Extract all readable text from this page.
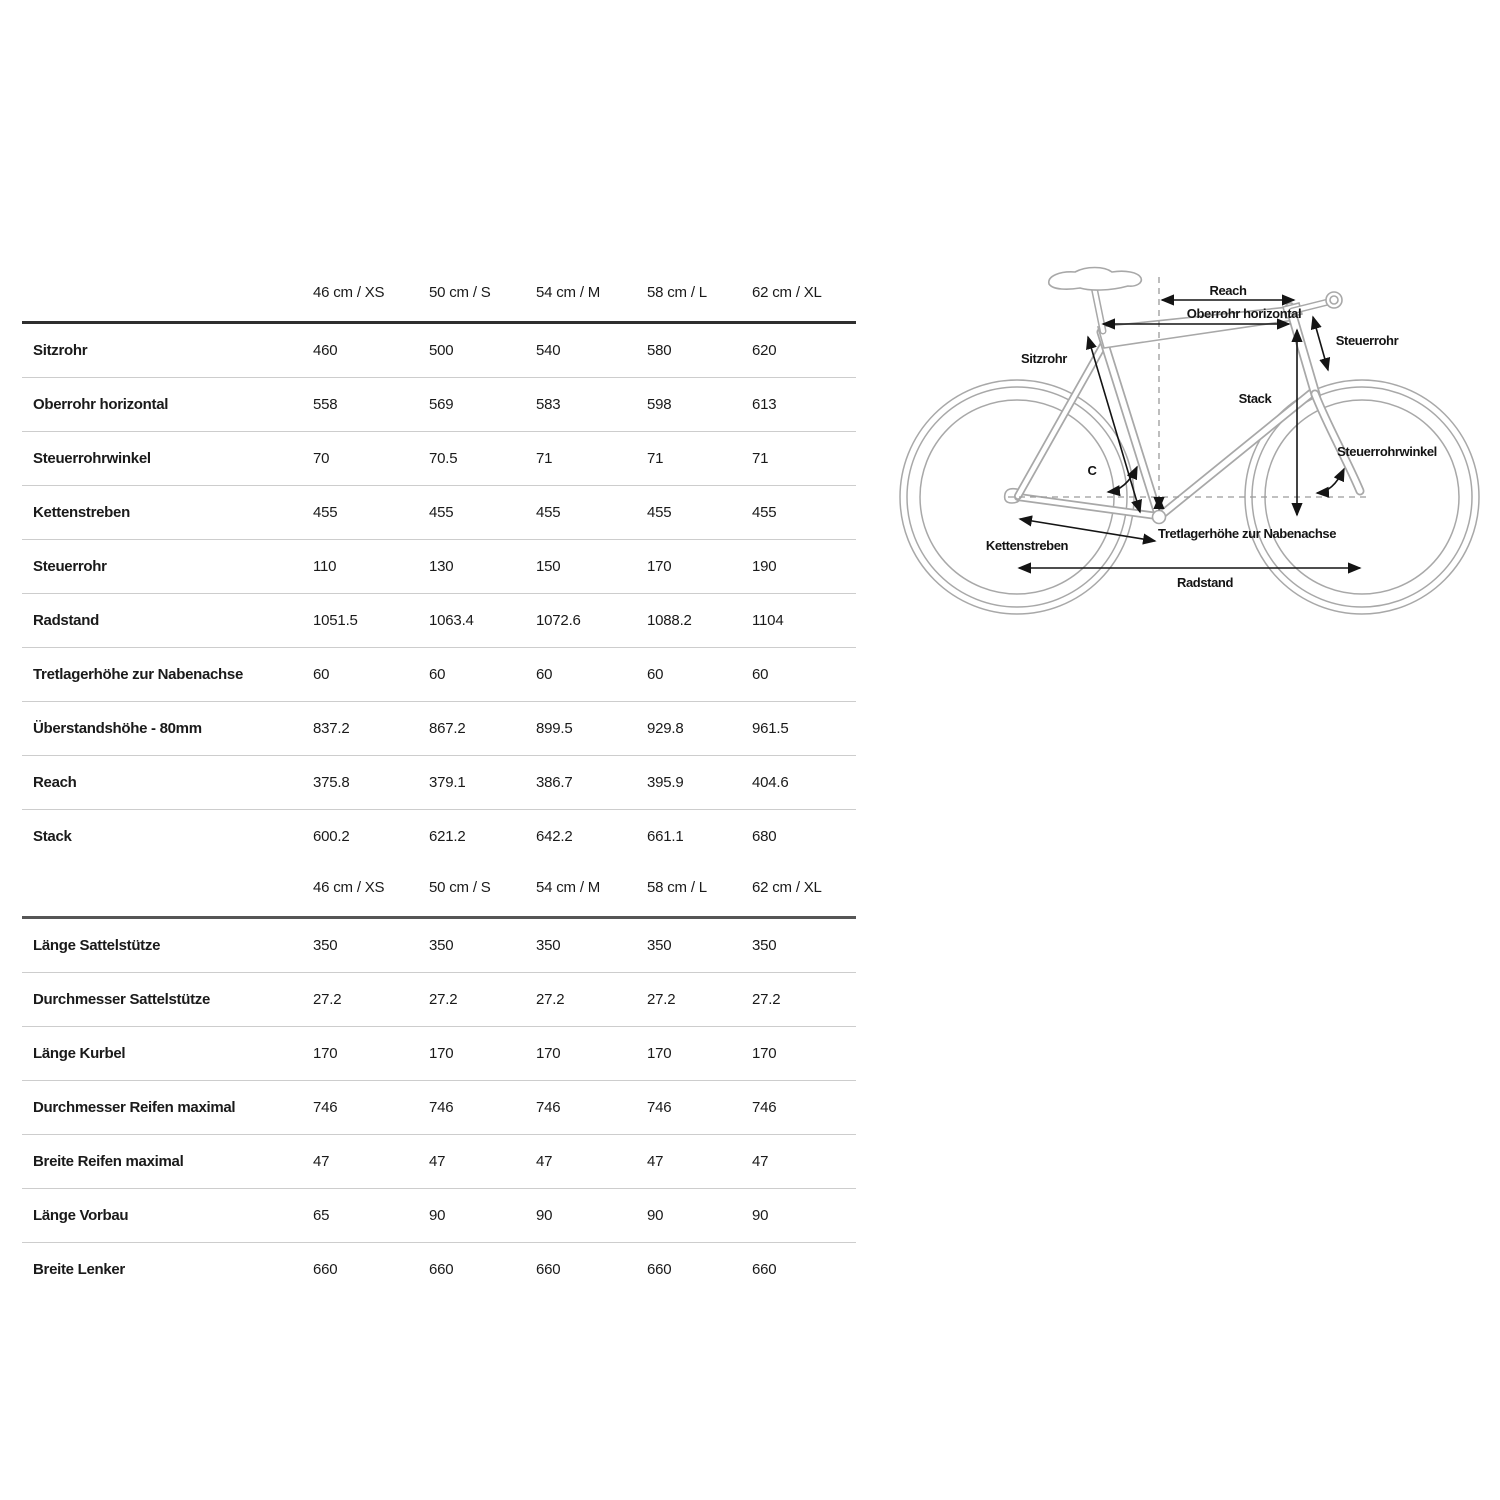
	46 cm / XS	50 cm / S	54 cm / M	58 cm / L	62 cm / XL
Sitzrohr	460	500	540	580	620
Oberrohr horizontal	558	569	583	598	613
Steuerrohrwinkel	70	70.5	71	71	71
Kettenstreben	455	455	455	455	455
Steuerrohr	110	130	150	170	190
Radstand	1051.5	1063.4	1072.6	1088.2	1104
Tretlagerhöhe zur Nabenachse	60	60	60	60	60
Überstandshöhe - 80mm	837.2	867.2	899.5	929.8	961.5
Reach	375.8	379.1	386.7	395.9	404.6
Stack	600.2	621.2	642.2	661.1	680
	46 cm / XS	50 cm / S	54 cm / M	58 cm / L	62 cm / XL
Länge Sattelstütze	350	350	350	350	350
Durchmesser Sattelstütze	27.2	27.2	27.2	27.2	27.2
Länge Kurbel	170	170	170	170	170
Durchmesser Reifen maximal	746	746	746	746	746
Breite Reifen maximal	47	47	47	47	47
Länge Vorbau	65	90	90	90	90
Breite Lenker	660	660	660	660	660
Reach
Oberrohr horizontal
Steuerrohr
Sitzrohr
Stack
Steuerrohrwinkel
C
Tretlagerhöhe zur Nabenachse
Kettenstreben
Radstand
